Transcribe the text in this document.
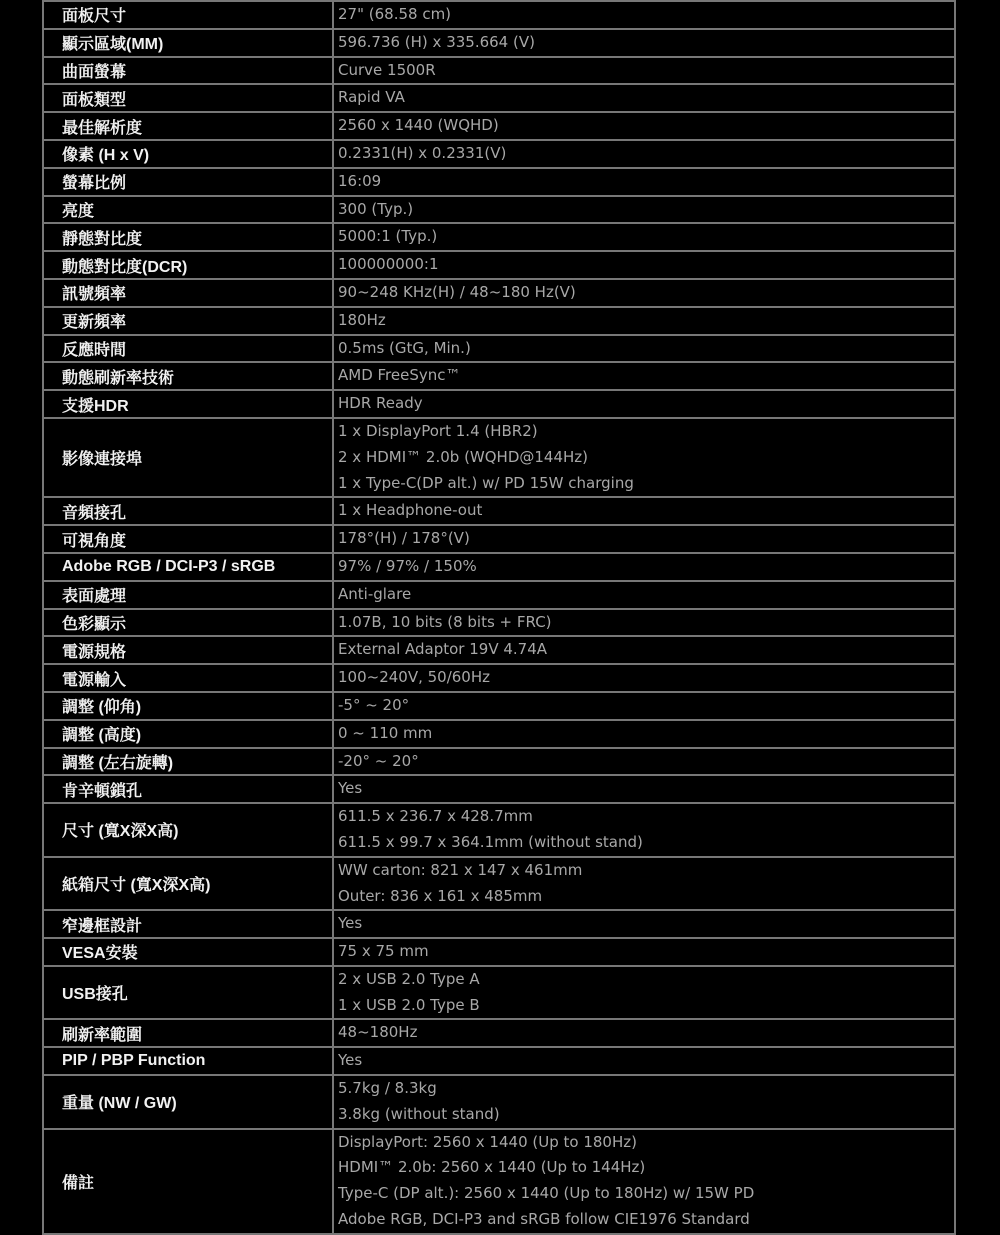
面板尺寸	27" (68.58 cm)

顯示區域(MM)	596.736 (H) x 335.664 (V)

曲面螢幕	Curve 1500R

面板類型	Rapid VA

最佳解析度	2560 x 1440 (WQHD)

像素 (H x V)	0.2331(H) x 0.2331(V)

螢幕比例	16:09

亮度	300 (Typ.)

靜態對比度	5000:1 (Typ.)

動態對比度(DCR)	100000000:1

訊號頻率	90~248 KHz(H) / 48~180 Hz(V)

更新頻率	180Hz

反應時間	0.5ms (GtG, Min.)

動態刷新率技術	AMD FreeSync™

支援HDR	HDR Ready

影像連接埠	1 x DisplayPort 1.4 (HBR2)
2 x HDMI™ 2.0b (WQHD@144Hz)
1 x Type-C(DP alt.) w/ PD 15W charging

音頻接孔	1 x Headphone-out

可視角度	178°(H) / 178°(V)

Adobe RGB / DCI-P3 / sRGB	97% / 97% / 150%

表面處理	Anti-glare

色彩顯示	1.07B, 10 bits (8 bits + FRC)

電源規格	External Adaptor 19V 4.74A

電源輸入	100~240V, 50/60Hz

調整 (仰角)	-5° ~ 20°

調整 (高度)	0 ~ 110 mm

調整 (左右旋轉)	-20° ~ 20°

肯辛頓鎖孔	Yes

尺寸 (寬X深X高)	611.5 x 236.7 x 428.7mm
611.5 x 99.7 x 364.1mm (without stand)

紙箱尺寸 (寬X深X高)	WW carton: 821 x 147 x 461mm
Outer: 836 x 161 x 485mm

窄邊框設計	Yes

VESA安裝	75 x 75 mm

USB接孔	2 x USB 2.0 Type A
1 x USB 2.0 Type B

刷新率範圍	48~180Hz

PIP / PBP Function	Yes

重量 (NW / GW)	5.7kg / 8.3kg
3.8kg (without stand)

備註	DisplayPort: 2560 x 1440 (Up to 180Hz)
HDMI™ 2.0b: 2560 x 1440 (Up to 144Hz)
Type-C (DP alt.): 2560 x 1440 (Up to 180Hz) w/ 15W PD
Adobe RGB, DCI-P3 and sRGB follow CIE1976 Standard
